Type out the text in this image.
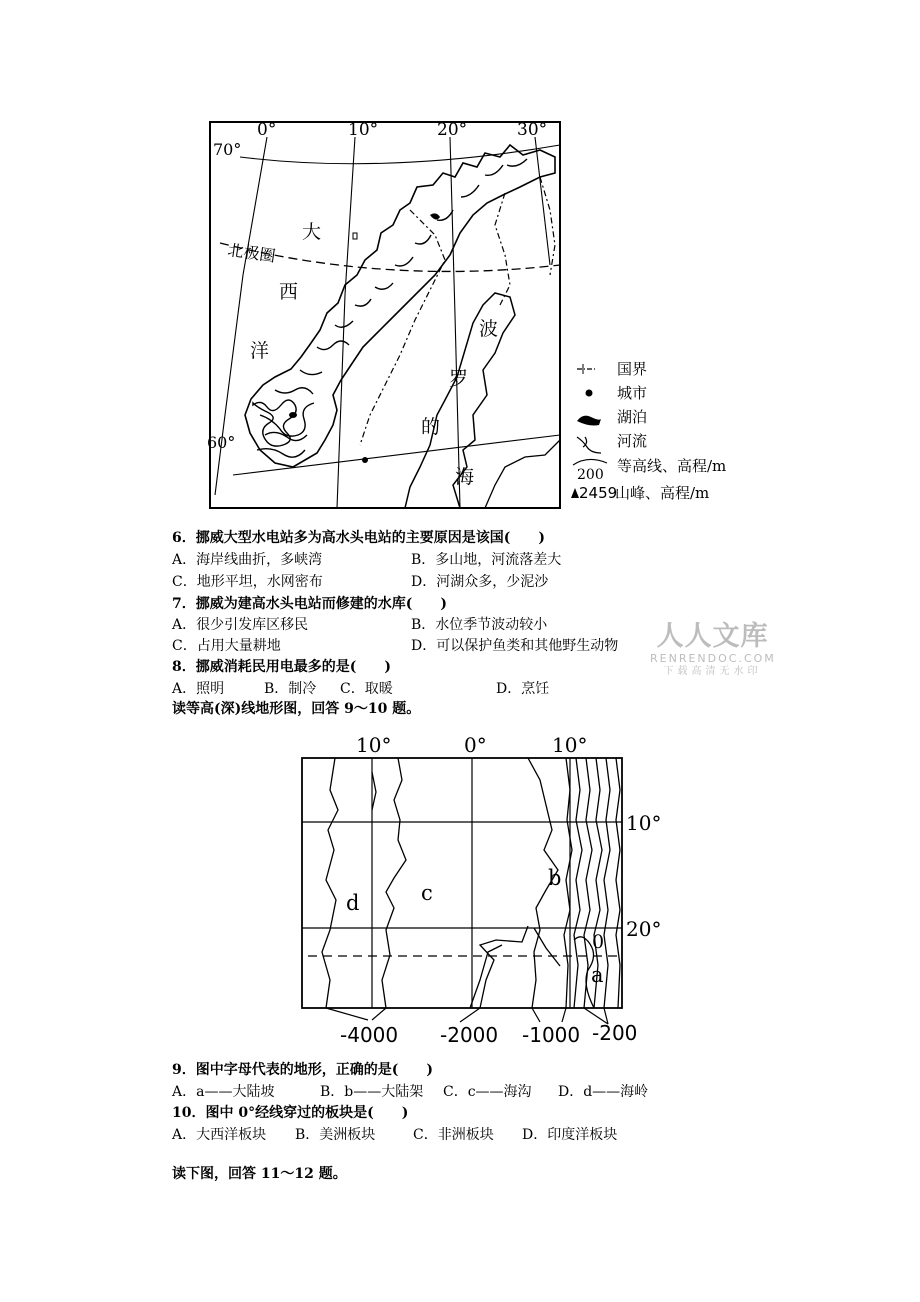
0°	10°	20°	30°
70°
60°
北极圈
大
西
洋
波
罗
的
海
国界
城市
湖泊
河流
200 等高线、高程/m
2459
山峰、高程/m
6．挪威大型水电站多为高水头电站的主要原因是该国(　　)
A．海岸线曲折，多峡湾	B．多山地，河流落差大
C．地形平坦，水网密布	D．河湖众多，少泥沙
7．挪威为建高水头电站而修建的水库(　　)
A．很少引发库区移民	B．水位季节波动较小
C．占用大量耕地	D．可以保护鱼类和其他野生动物
8．挪威消耗民用电最多的是(　　)
A．照明	B．制冷 C．取暖	D．烹饪
读等高(深)线地形图，回答 9～10 题。
人人文库
RENRENDOC.COM
下载高清无水印
10°	0°	10°
10°
20°
d	c
b
0
a
-4000 -2000 -1000 -200
9．图中字母代表的地形，正确的是(　　)
A．a——大陆坡	B．b——大陆架 C．c——海沟 D．d——海岭
10．图中 0°经线穿过的板块是(　　)
A．大西洋板块 B．美洲板块	C．非洲板块 D．印度洋板块
读下图，回答 11～12 题。
